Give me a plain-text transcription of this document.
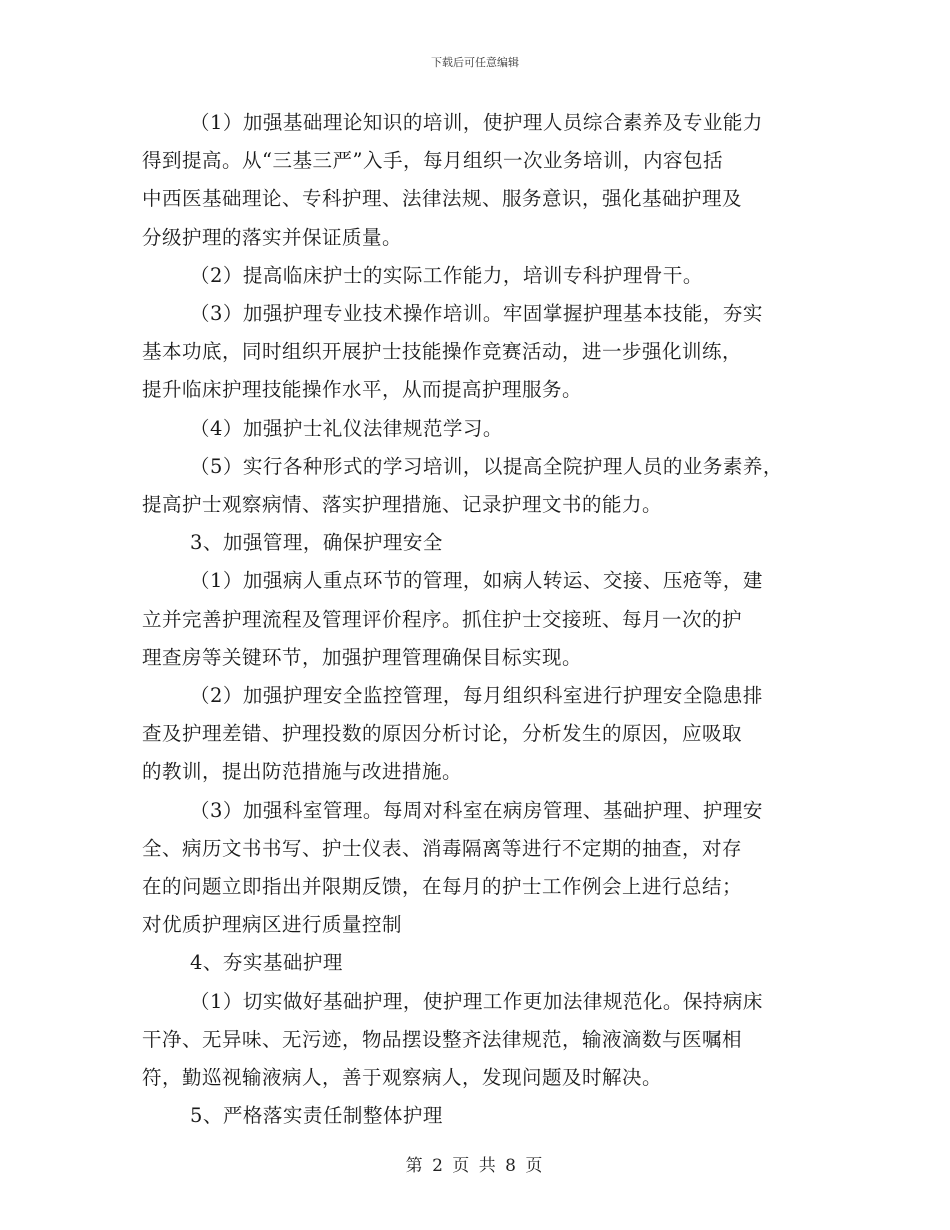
下载后可任意编辑

（1）加强基础理论知识的培训，使护理人员综合素养及专业能力
得到提高。从“三基三严”入手，每月组织一次业务培训，内容包括
中西医基础理论、专科护理、法律法规、服务意识，强化基础护理及
分级护理的落实并保证质量。

（2）提高临床护士的实际工作能力，培训专科护理骨干。

（3）加强护理专业技术操作培训。牢固掌握护理基本技能，夯实
基本功底，同时组织开展护士技能操作竞赛活动，进一步强化训练，
提升临床护理技能操作水平，从而提高护理服务。

（4）加强护士礼仪法律规范学习。

（5）实行各种形式的学习培训，以提高全院护理人员的业务素养，
提高护士观察病情、落实护理措施、记录护理文书的能力。

3、加强管理，确保护理安全

（1）加强病人重点环节的管理，如病人转运、交接、压疮等，建
立并完善护理流程及管理评价程序。抓住护士交接班、每月一次的护
理查房等关键环节，加强护理管理确保目标实现。

（2）加强护理安全监控管理，每月组织科室进行护理安全隐患排
查及护理差错、护理投数的原因分析讨论，分析发生的原因，应吸取
的教训，提出防范措施与改进措施。

（3）加强科室管理。每周对科室在病房管理、基础护理、护理安
全、病历文书书写、护士仪表、消毒隔离等进行不定期的抽查，对存
在的问题立即指出并限期反馈，在每月的护士工作例会上进行总结；
对优质护理病区进行质量控制

4、夯实基础护理

（1）切实做好基础护理，使护理工作更加法律规范化。保持病床
干净、无异味、无污迹，物品摆设整齐法律规范，输液滴数与医嘱相
符，勤巡视输液病人，善于观察病人，发现问题及时解决。

5、严格落实责任制整体护理

第 2 页 共 8 页
